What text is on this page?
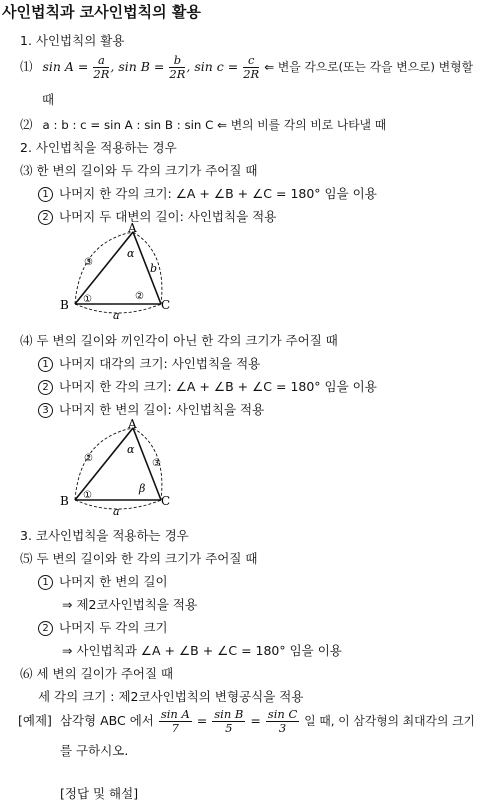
사인법칙과 코사인법칙의 활용
1. 사인법칙의 활용
⑴ $\sin A = \frac{a}{2R}$ , $\sin B = \frac{b}{2R}$ , $\sin c = \frac{c}{2R}$ ⇐ 변을 각으로(또는 각을 변으로) 변형할
때
⑵ a : b : c = sin A : sin B : sin C ⇐ 변의 비를 각의 비로 나타낼 때
2. 사인법칙을 적용하는 경우
⑶ 한 변의 길이와 두 각의 크기가 주어질 때
1 나머지 한 각의 크기: ∠A + ∠B + ∠C = 180° 임을 이용
2 나머지 두 대변의 길이: 사인법칙을 적용
A
B	C
α
b
a
③
①	②
⑷ 두 변의 길이와 끼인각이 아닌 한 각의 크기가 주어질 때
1 나머지 대각의 크기: 사인법칙을 적용
2 나머지 한 각의 크기: ∠A + ∠B + ∠C = 180° 임을 이용
3 나머지 한 변의 길이: 사인법칙을 적용
A
B	C
α
β
a
②
①
③
3. 코사인법칙을 적용하는 경우
⑸ 두 변의 길이와 한 각의 크기가 주어질 때
1 나머지 한 변의 길이
⇒ 제2코사인법칙을 적용
2 나머지 두 각의 크기
⇒ 사인법칙과 ∠A + ∠B + ∠C = 180° 임을 이용
⑹ 세 변의 길이가 주어질 때
세 각의 크기 : 제2코사인법칙의 변형공식을 적용
[예제] 삼각형 ABC 에서 $\frac{\text{sin A}}{7} = \frac{\text{sin B}}{5} = \frac{\text{sin C}}{3}$ 일 때, 이 삼각형의 최대각의 크기
를 구하시오.
[정답 및 해설]
